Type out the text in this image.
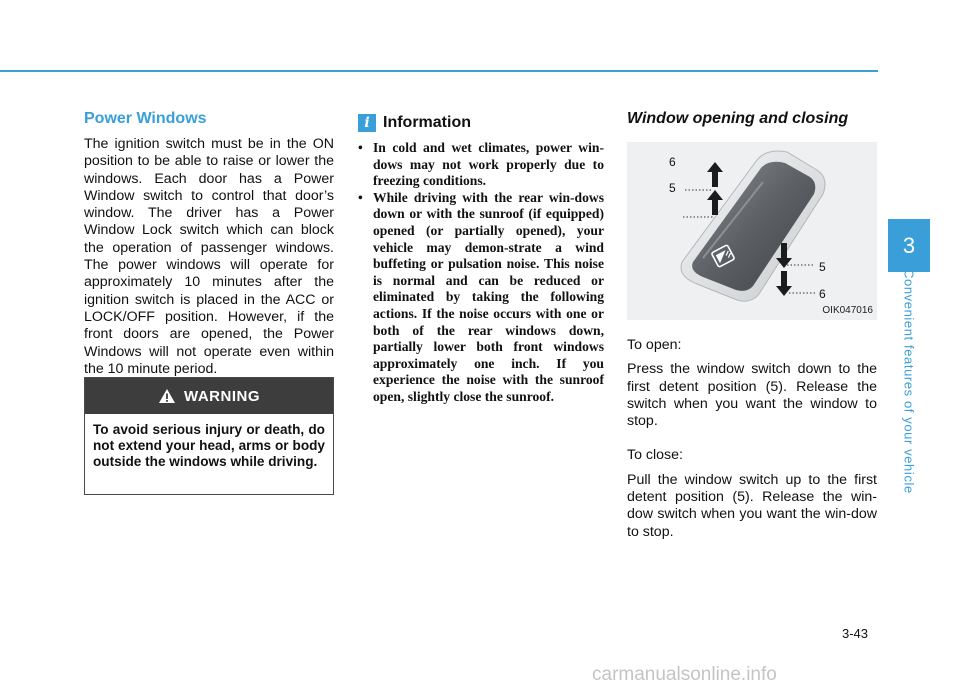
Power Windows

The ignition switch must be in the ON position to be able to raise or lower the windows. Each door has a Power Window switch to control that door’s window. The driver has a Power Window Lock switch which can block the operation of passenger windows. The power windows will operate for approximately 10 minutes after the ignition switch is placed in the ACC or LOCK/OFF position. However, if the front doors are opened, the Power Windows will not operate even within the 10 minute period.

WARNING
To avoid serious injury or death, do not extend your head, arms or body outside the windows while driving.
i Information
• In cold and wet climates, power win-dows may not work properly due to freezing conditions.
• While driving with the rear win-dows down or with the sunroof (if equipped) opened (or partially opened), your vehicle may demon-strate a wind buffeting or pulsation noise. This noise is normal and can be reduced or eliminated by taking the following actions. If the noise occurs with one or both of the rear windows down, partially lower both front windows approximately one inch. If you experience the noise with the sunroof open, slightly close the sunroof.
Window opening and closing
6
5
5
6
OIK047016

To open:

Press the window switch down to the first detent position (5). Release the switch when you want the window to stop.

To close:

Pull the window switch up to the first detent position (5). Release the win-dow switch when you want the win-dow to stop.

3
Convenient features of your vehicle
3-43
carmanualsonline.info
